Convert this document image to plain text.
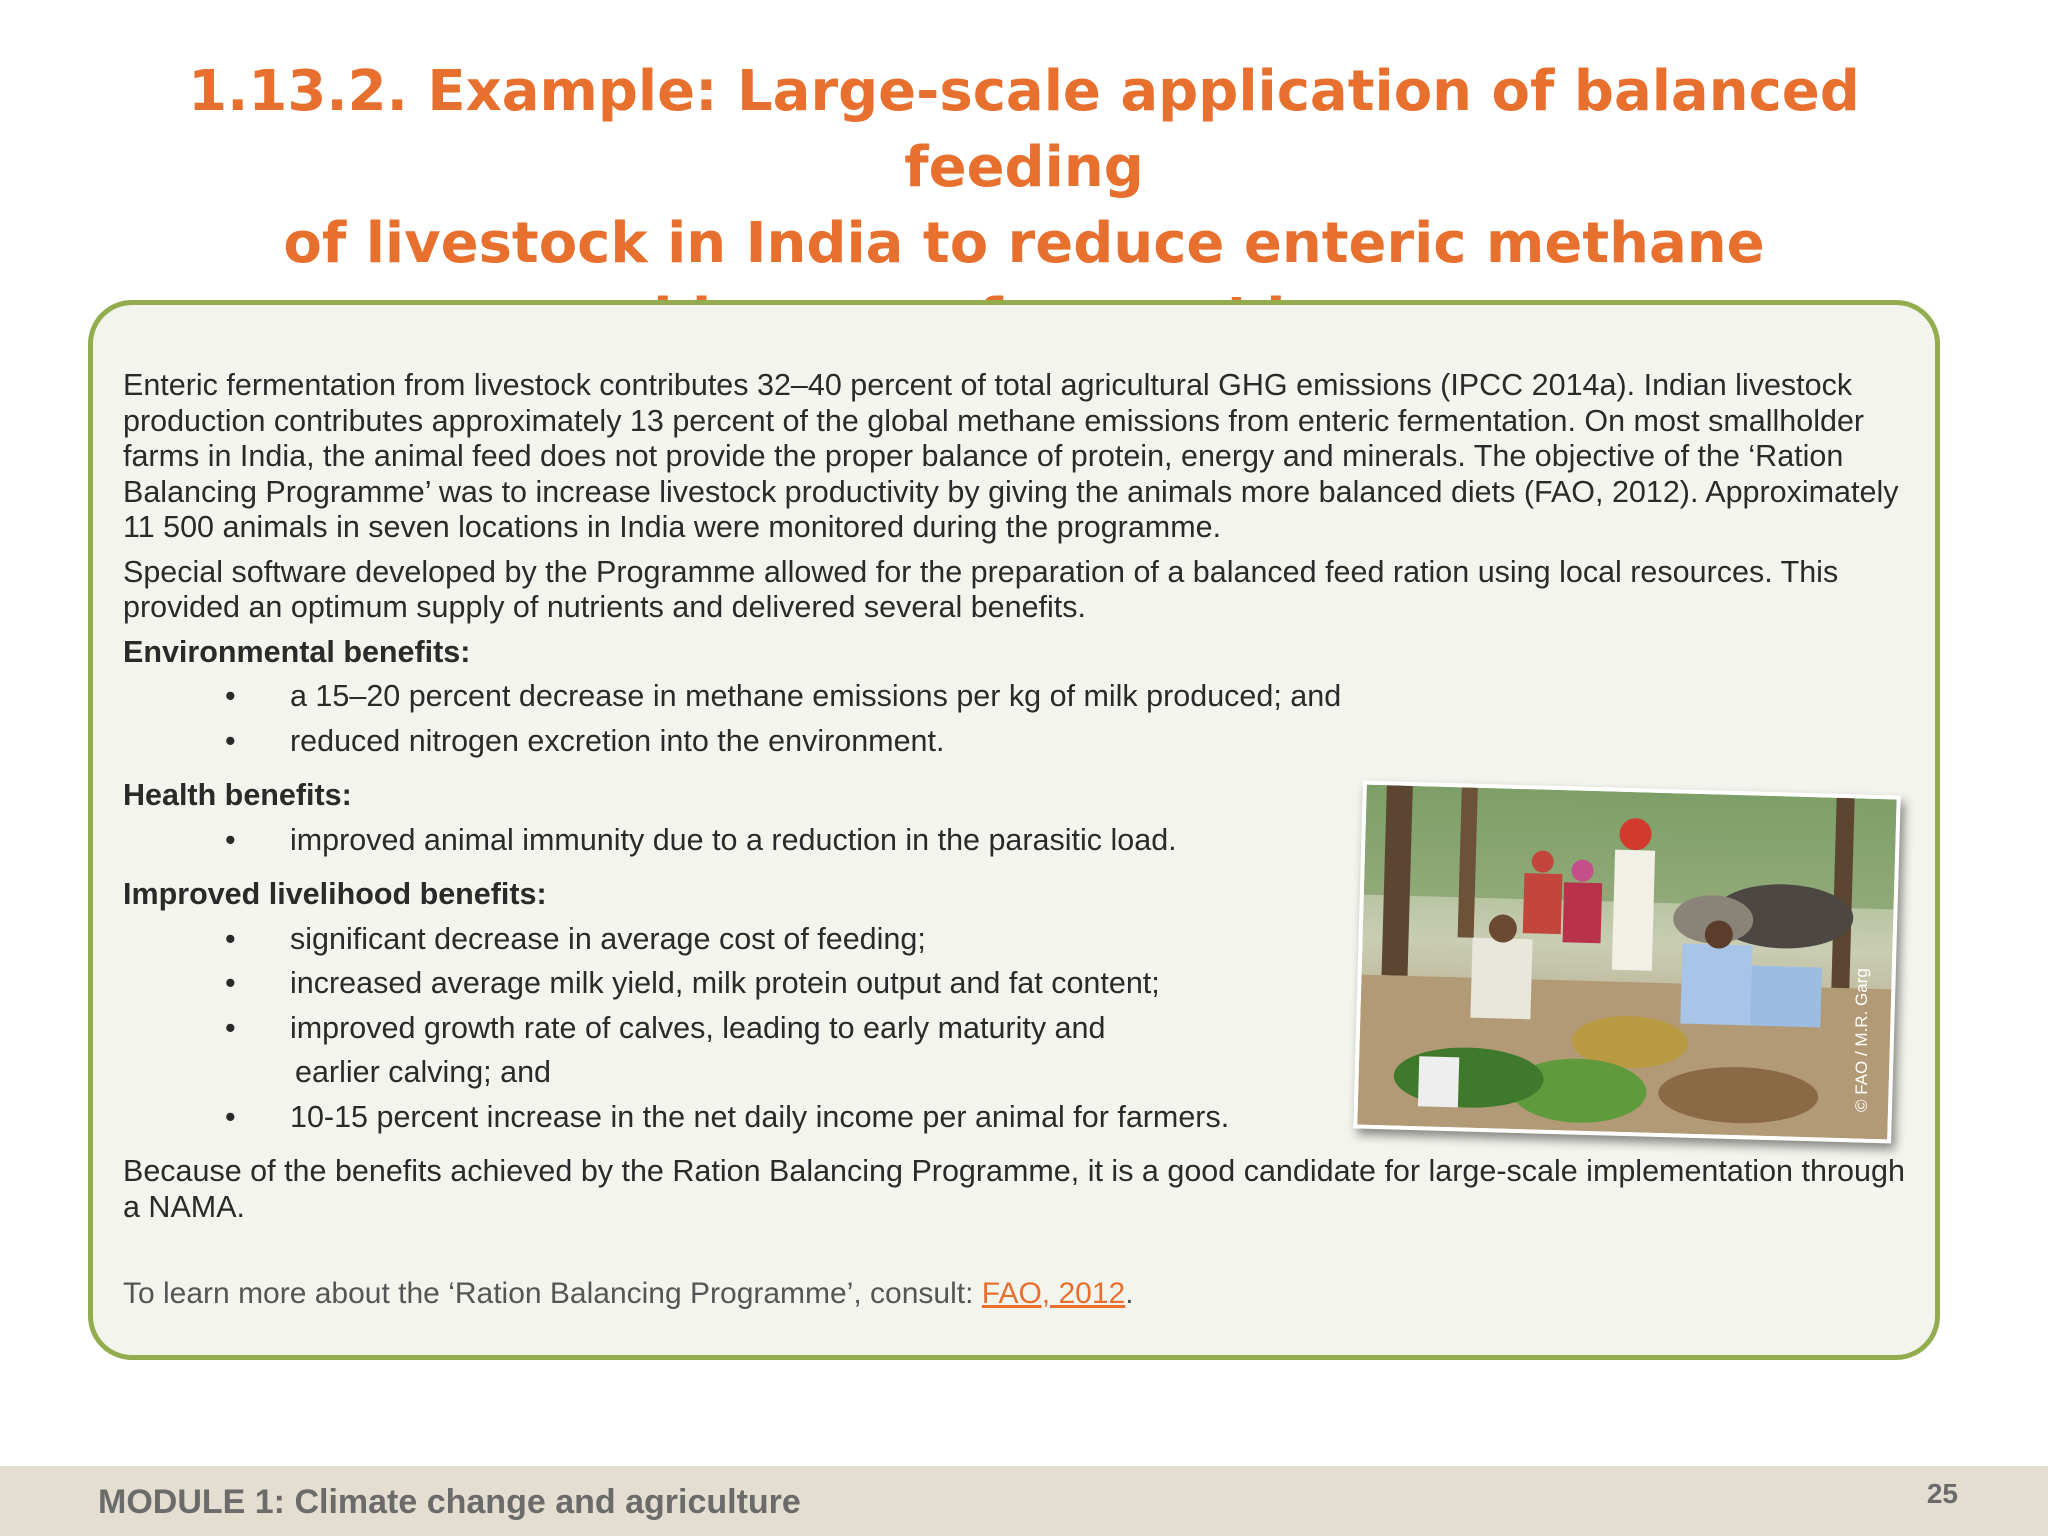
1.13.2. Example: Large-scale application of balanced feeding
of livestock in India to reduce enteric methane

Enteric fermentation from livestock contributes 32–40 percent of total agricultural GHG emissions (IPCC 2014a). Indian livestock production contributes approximately 13 percent of the global methane emissions from enteric fermentation. On most smallholder farms in India, the animal feed does not provide the proper balance of protein, energy and minerals. The objective of the ‘Ration Balancing Programme’ was to increase livestock productivity by giving the animals more balanced diets (FAO, 2012). Approximately 11 500 animals in seven locations in India were monitored during the programme.

Special software developed by the Programme allowed for the preparation of a balanced feed ration using local resources. This provided an optimum supply of nutrients and delivered several benefits.

Environmental benefits:
• a 15–20 percent decrease in methane emissions per kg of milk produced; and
• reduced nitrogen excretion into the environment.
Health benefits:
• improved animal immunity due to a reduction in the parasitic load.
Improved livelihood benefits:
• significant decrease in average cost of feeding;
• increased average milk yield, milk protein output and fat content;
• improved growth rate of calves, leading to early maturity and
earlier calving; and
• 10-15 percent increase in the net daily income per animal for farmers.

Because of the benefits achieved by the Ration Balancing Programme, it is a good candidate for large-scale implementation through a NAMA.

To learn more about the ‘Ration Balancing Programme’, consult: FAO, 2012.
© FAO / M.R. Garg
MODULE 1: Climate change and agriculture	25
